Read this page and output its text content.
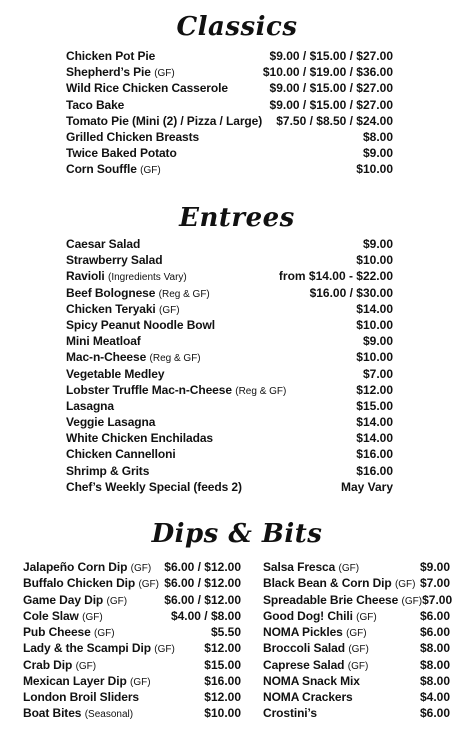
Classics
Chicken Pot Pie	$9.00 / $15.00 / $27.00
Shepherd’s Pie (GF)	$10.00 / $19.00 / $36.00
Wild Rice Chicken Casserole	$9.00 / $15.00 / $27.00
Taco Bake	$9.00 / $15.00 / $27.00
Tomato Pie (Mini (2) / Pizza / Large) $7.50 / $8.50 / $24.00
Grilled Chicken Breasts	$8.00
Twice Baked Potato	$9.00
Corn Souffle (GF)	$10.00
Entrees
Caesar Salad	$9.00
Strawberry Salad	$10.00
Ravioli (Ingredients Vary)	from $14.00 - $22.00
Beef Bolognese (Reg & GF)	$16.00 / $30.00
Chicken Teryaki (GF)	$14.00
Spicy Peanut Noodle Bowl	$10.00
Mini Meatloaf	$9.00
Mac-n-Cheese (Reg & GF)	$10.00
Vegetable Medley	$7.00
Lobster Truffle Mac-n-Cheese (Reg & GF)	$12.00
Lasagna	$15.00
Veggie Lasagna	$14.00
White Chicken Enchiladas	$14.00
Chicken Cannelloni	$16.00
Shrimp & Grits	$16.00
Chef’s Weekly Special (feeds 2)	May Vary
Dips & Bits
Jalapeño Corn Dip (GF) $6.00 / $12.00
Buffalo Chicken Dip (GF) $6.00 / $12.00
Game Day Dip (GF)	$6.00 / $12.00
Cole Slaw (GF)	$4.00 / $8.00
Pub Cheese (GF)	$5.50
Lady & the Scampi Dip (GF) $12.00
Crab Dip (GF)	$15.00
Mexican Layer Dip (GF)	$16.00
London Broil Sliders	$12.00
Boat Bites (Seasonal)	$10.00
Salsa Fresca (GF)	$9.00
Black Bean & Corn Dip (GF) $7.00
Spreadable Brie Cheese (GF) $7.00
Good Dog! Chili (GF)	$6.00
NOMA Pickles (GF)	$6.00
Broccoli Salad (GF)	$8.00
Caprese Salad (GF)	$8.00
NOMA Snack Mix	$8.00
NOMA Crackers	$4.00
Crostini’s	$6.00
